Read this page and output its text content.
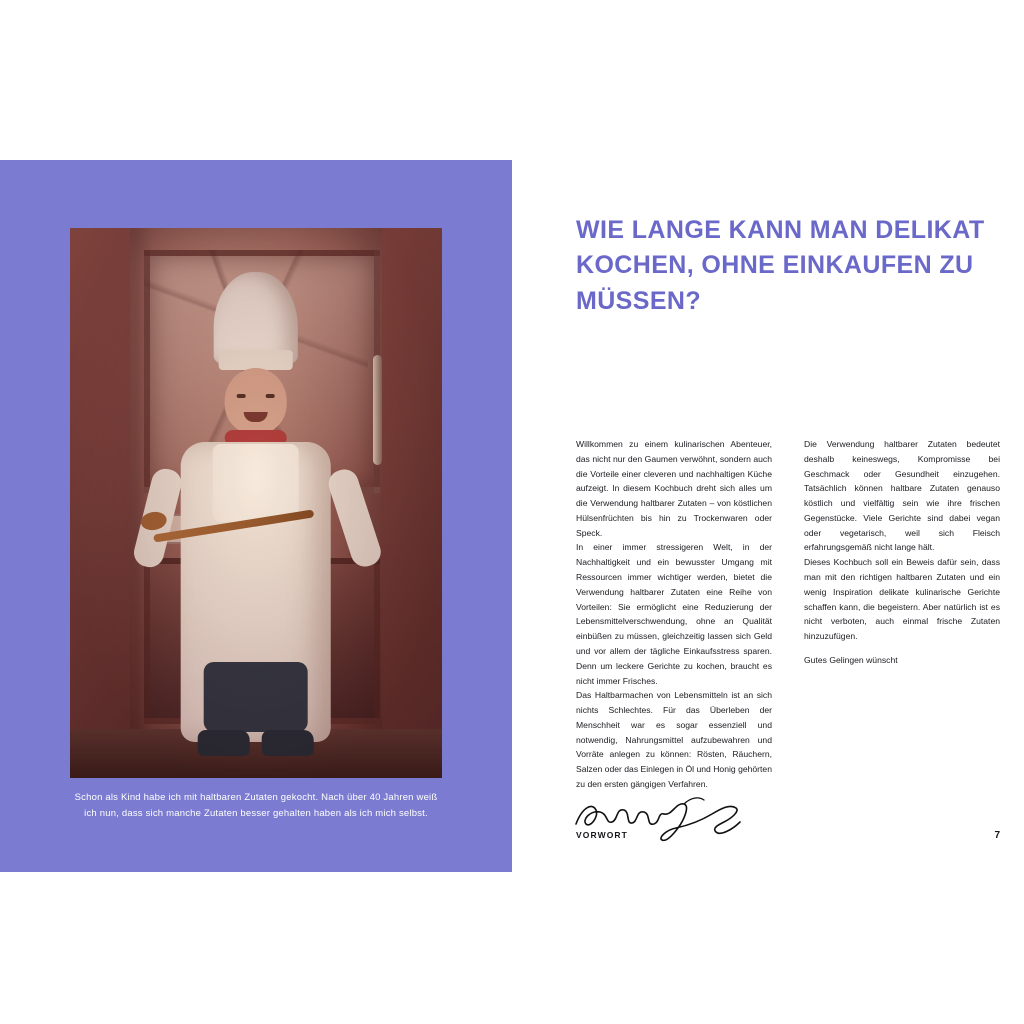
Schon als Kind habe ich mit haltbaren Zutaten gekocht. Nach über 40 Jahren weiß ich nun, dass sich manche Zutaten besser gehalten haben als ich mich selbst.
WIE LANGE KANN MAN DELIKAT KOCHEN, OHNE EINKAUFEN ZU MÜSSEN?

Willkommen zu einem kulinarischen Abenteuer, das nicht nur den Gaumen verwöhnt, sondern auch die Vorteile einer cleveren und nachhaltigen Küche aufzeigt. In diesem Kochbuch dreht sich alles um die Verwendung haltbarer Zutaten – von köstlichen Hülsenfrüchten bis hin zu Trockenwaren oder Speck.

In einer immer stressigeren Welt, in der Nachhaltigkeit und ein bewusster Umgang mit Ressourcen immer wichtiger werden, bietet die Verwendung haltbarer Zutaten eine Reihe von Vorteilen: Sie ermöglicht eine Reduzierung der Lebensmittelverschwendung, ohne an Qualität einbüßen zu müssen, gleichzeitig lassen sich Geld und vor allem der tägliche Einkaufsstress sparen. Denn um leckere Gerichte zu kochen, braucht es nicht immer Frisches.

Das Haltbarmachen von Lebensmitteln ist an sich nichts Schlechtes. Für das Überleben der Menschheit war es sogar essenziell und notwendig, Nahrungsmittel aufzubewahren und Vorräte anlegen zu können: Rösten, Räuchern, Salzen oder das Einlegen in Öl und Honig gehörten zu den ersten gängigen Verfahren.

Die Verwendung haltbarer Zutaten bedeutet deshalb keineswegs, Kompromisse bei Geschmack oder Gesundheit einzugehen. Tatsächlich können haltbare Zutaten genauso köstlich und vielfältig sein wie ihre frischen Gegenstücke. Viele Gerichte sind dabei vegan oder vegetarisch, weil sich Fleisch erfahrungsgemäß nicht lange hält.

Dieses Kochbuch soll ein Beweis dafür sein, dass man mit den richtigen haltbaren Zutaten und ein wenig Inspiration delikate kulinarische Gerichte schaffen kann, die begeistern. Aber natürlich ist es nicht verboten, auch einmal frische Zutaten hinzuzufügen.

Gutes Gelingen wünscht

VORWORT	7
